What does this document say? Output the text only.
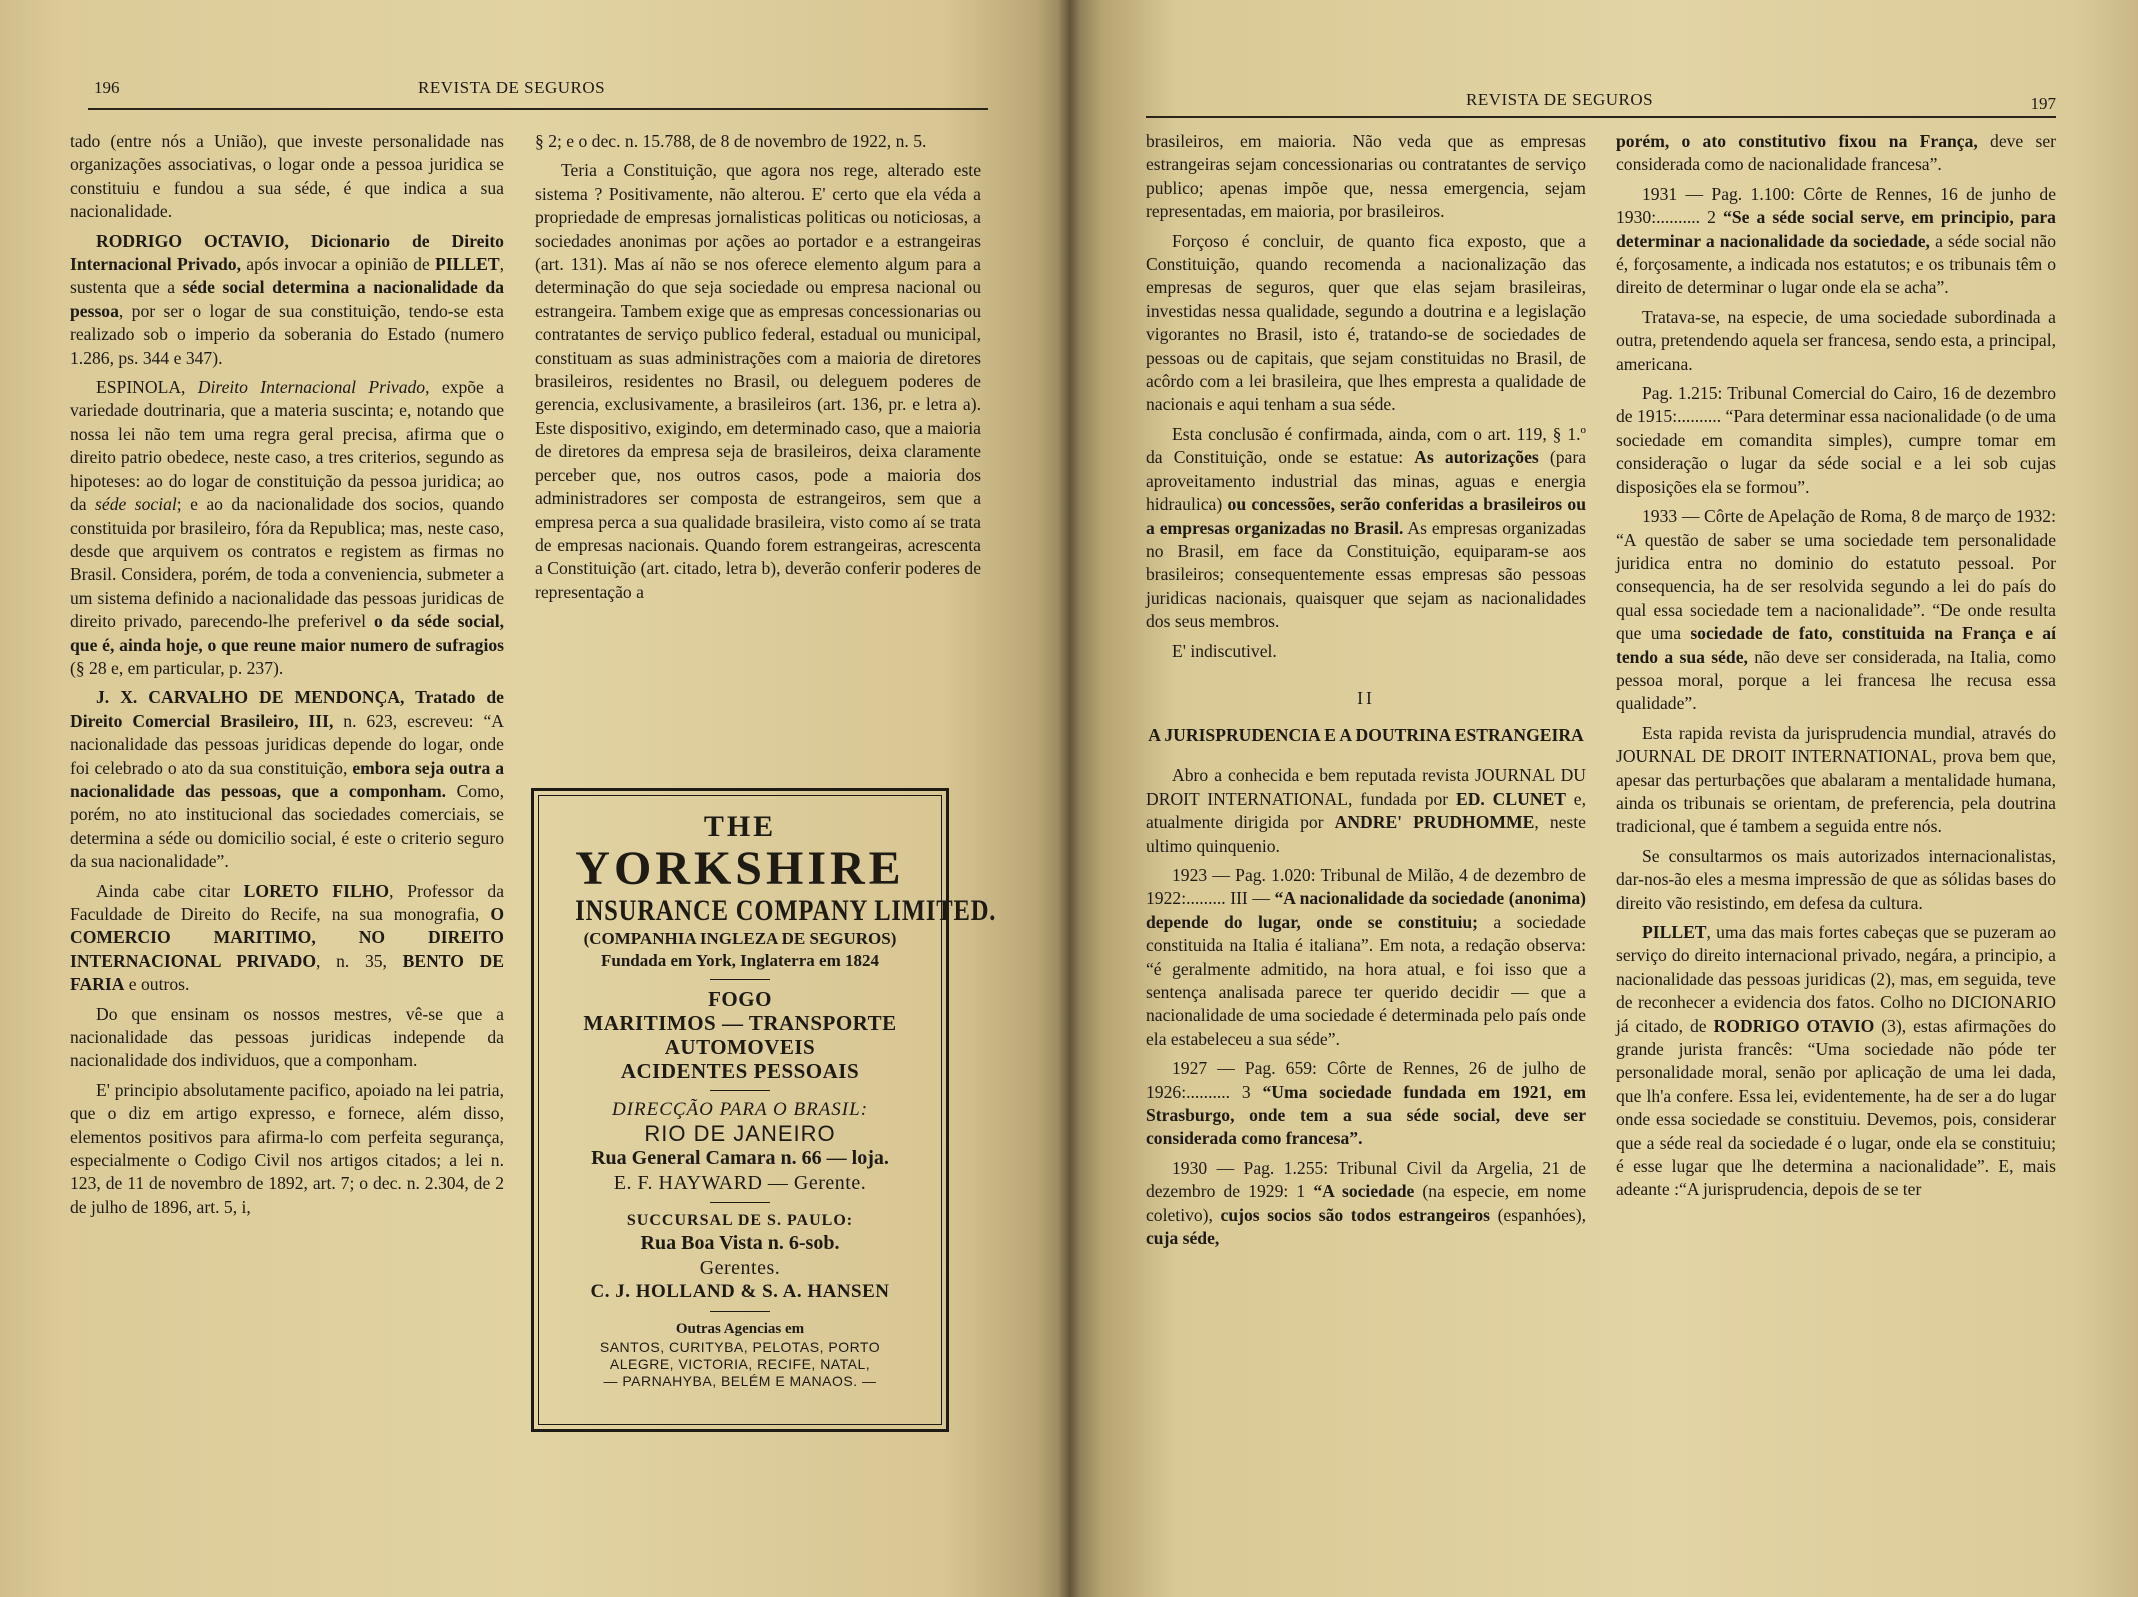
196	REVISTA DE SEGUROS

tado (entre nós a União), que investe personalidade nas organizações associativas, o logar onde a pessoa juridica se constituiu e fundou a sua séde, é que indica a sua nacionalidade.

RODRIGO OCTAVIO, Dicionario de Direito Internacional Privado, após invocar a opinião de PILLET, sustenta que a séde social determina a nacionalidade da pessoa, por ser o logar de sua constituição, tendo-se esta realizado sob o imperio da soberania do Estado (numero 1.286, ps. 344 e 347).

ESPINOLA, Direito Internacional Privado, expõe a variedade doutrinaria, que a materia suscinta; e, notando que nossa lei não tem uma regra geral precisa, afirma que o direito patrio obedece, neste caso, a tres criterios, segundo as hipoteses: ao do logar de constituição da pessoa juridica; ao da séde social; e ao da nacionalidade dos socios, quando constituida por brasileiro, fóra da Republica; mas, neste caso, desde que arquivem os contratos e registem as firmas no Brasil. Considera, porém, de toda a conveniencia, submeter a um sistema definido a nacionalidade das pessoas juridicas de direito privado, parecendo-lhe preferivel o da séde social, que é, ainda hoje, o que reune maior numero de sufragios (§ 28 e, em particular, p. 237).

J. X. CARVALHO DE MENDONÇA, Tratado de Direito Comercial Brasileiro, III, n. 623, escreveu: “A nacionalidade das pessoas juridicas depende do logar, onde foi celebrado o ato da sua constituição, embora seja outra a nacionalidade das pessoas, que a componham. Como, porém, no ato institucional das sociedades comerciais, se determina a séde ou domicilio social, é este o criterio seguro da sua nacionalidade”.

Ainda cabe citar LORETO FILHO, Professor da Faculdade de Direito do Recife, na sua monografia, O COMERCIO MARITIMO, NO DIREITO INTERNACIONAL PRIVADO, n. 35, BENTO DE FARIA e outros.

Do que ensinam os nossos mestres, vê-se que a nacionalidade das pessoas juridicas independe da nacionalidade dos individuos, que a componham.

E' principio absolutamente pacifico, apoiado na lei patria, que o diz em artigo expresso, e fornece, além disso, elementos positivos para afirma-lo com perfeita segurança, especialmente o Codigo Civil nos artigos citados; a lei n. 123, de 11 de novembro de 1892, art. 7; o dec. n. 2.304, de 2 de julho de 1896, art. 5, i,

§ 2; e o dec. n. 15.788, de 8 de novembro de 1922, n. 5.

Teria a Constituição, que agora nos rege, alterado este sistema ? Positivamente, não alterou. E' certo que ela véda a propriedade de empresas jornalisticas politicas ou noticiosas, a sociedades anonimas por ações ao portador e a estrangeiras (art. 131). Mas aí não se nos oferece elemento algum para a determinação do que seja sociedade ou empresa nacional ou estrangeira. Tambem exige que as empresas concessionarias ou contratantes de serviço publico federal, estadual ou municipal, constituam as suas administrações com a maioria de diretores brasileiros, residentes no Brasil, ou deleguem poderes de gerencia, exclusivamente, a brasileiros (art. 136, pr. e letra a). Este dispositivo, exigindo, em determinado caso, que a maioria de diretores da empresa seja de brasileiros, deixa claramente perceber que, nos outros casos, pode a maioria dos administradores ser composta de estrangeiros, sem que a empresa perca a sua qualidade brasileira, visto como aí se trata de empresas nacionais. Quando forem estrangeiras, acrescenta a Constituição (art. citado, letra b), deverão conferir poderes de representação a

THE
YORKSHIRE
INSURANCE COMPANY LIMITED.
(COMPANHIA INGLEZA DE SEGUROS)
Fundada em York, Inglaterra em 1824
FOGO
MARITIMOS — TRANSPORTE
AUTOMOVEIS
ACIDENTES PESSOAIS
DIRECÇÃO PARA O BRASIL:
RIO DE JANEIRO
Rua General Camara n. 66 — loja.
E. F. HAYWARD — Gerente.
SUCCURSAL DE S. PAULO:
Rua Boa Vista n. 6-sob.
Gerentes.
C. J. HOLLAND & S. A. HANSEN
Outras Agencias em
SANTOS, CURITYBA, PELOTAS, PORTO
ALEGRE, VICTORIA, RECIFE, NATAL,
— PARNAHYBA, BELÉM E MANAOS. —
REVISTA DE SEGUROS	197

brasileiros, em maioria. Não veda que as empresas estrangeiras sejam concessionarias ou contratantes de serviço publico; apenas impõe que, nessa emergencia, sejam representadas, em maioria, por brasileiros.

Forçoso é concluir, de quanto fica exposto, que a Constituição, quando recomenda a nacionalização das empresas de seguros, quer que elas sejam brasileiras, investidas nessa qualidade, segundo a doutrina e a legislação vigorantes no Brasil, isto é, tratando-se de sociedades de pessoas ou de capitais, que sejam constituidas no Brasil, de acôrdo com a lei brasileira, que lhes empresta a qualidade de nacionais e aqui tenham a sua séde.

Esta conclusão é confirmada, ainda, com o art. 119, § 1.º da Constituição, onde se estatue: As autorizações (para aproveitamento industrial das minas, aguas e energia hidraulica) ou concessões, serão conferidas a brasileiros ou a empresas organizadas no Brasil. As empresas organizadas no Brasil, em face da Constituição, equiparam-se aos brasileiros; consequentemente essas empresas são pessoas juridicas nacionais, quaisquer que sejam as nacionalidades dos seus membros.

E' indiscutivel.

II

A JURISPRUDENCIA E A DOUTRINA ESTRANGEIRA

Abro a conhecida e bem reputada revista JOURNAL DU DROIT INTERNATIONAL, fundada por ED. CLUNET e, atualmente dirigida por ANDRE' PRUDHOMME, neste ultimo quinquenio.

1923 — Pag. 1.020: Tribunal de Milão, 4 de dezembro de 1922:......... III — “A nacionalidade da sociedade (anonima) depende do lugar, onde se constituiu; a sociedade constituida na Italia é italiana”. Em nota, a redação observa: “é geralmente admitido, na hora atual, e foi isso que a sentença analisada parece ter querido decidir — que a nacionalidade de uma sociedade é determinada pelo país onde ela estabeleceu a sua séde”.

1927 — Pag. 659: Côrte de Rennes, 26 de julho de 1926:.......... 3 “Uma sociedade fundada em 1921, em Strasburgo, onde tem a sua séde social, deve ser considerada como francesa”.

1930 — Pag. 1.255: Tribunal Civil da Argelia, 21 de dezembro de 1929: 1 “A sociedade (na especie, em nome coletivo), cujos socios são todos estrangeiros (espanhóes), cuja séde,

porém, o ato constitutivo fixou na França, deve ser considerada como de nacionalidade francesa”.

1931 — Pag. 1.100: Côrte de Rennes, 16 de junho de 1930:.......... 2 “Se a séde social serve, em principio, para determinar a nacionalidade da sociedade, a séde social não é, forçosamente, a indicada nos estatutos; e os tribunais têm o direito de determinar o lugar onde ela se acha”.

Tratava-se, na especie, de uma sociedade subordinada a outra, pretendendo aquela ser francesa, sendo esta, a principal, americana.

Pag. 1.215: Tribunal Comercial do Cairo, 16 de dezembro de 1915:.......... “Para determinar essa nacionalidade (o de uma sociedade em comandita simples), cumpre tomar em consideração o lugar da séde social e a lei sob cujas disposições ela se formou”.

1933 — Côrte de Apelação de Roma, 8 de março de 1932: “A questão de saber se uma sociedade tem personalidade juridica entra no dominio do estatuto pessoal. Por consequencia, ha de ser resolvida segundo a lei do país do qual essa sociedade tem a nacionalidade”. “De onde resulta que uma sociedade de fato, constituida na França e aí tendo a sua séde, não deve ser considerada, na Italia, como pessoa moral, porque a lei francesa lhe recusa essa qualidade”.

Esta rapida revista da jurisprudencia mundial, através do JOURNAL DE DROIT INTERNATIONAL, prova bem que, apesar das perturbações que abalaram a mentalidade humana, ainda os tribunais se orientam, de preferencia, pela doutrina tradicional, que é tambem a seguida entre nós.

Se consultarmos os mais autorizados internacionalistas, dar-nos-ão eles a mesma impressão de que as sólidas bases do direito vão resistindo, em defesa da cultura.

PILLET, uma das mais fortes cabeças que se puzeram ao serviço do direito internacional privado, negára, a principio, a nacionalidade das pessoas juridicas (2), mas, em seguida, teve de reconhecer a evidencia dos fatos. Colho no DICIONARIO já citado, de RODRIGO OTAVIO (3), estas afirmações do grande jurista francês: “Uma sociedade não póde ter personalidade moral, senão por aplicação de uma lei dada, que lh'a confere. Essa lei, evidentemente, ha de ser a do lugar onde essa sociedade se constituiu. Devemos, pois, considerar que a séde real da sociedade é o lugar, onde ela se constituiu; é esse lugar que lhe determina a nacionalidade”. E, mais adeante :“A jurisprudencia, depois de se ter
